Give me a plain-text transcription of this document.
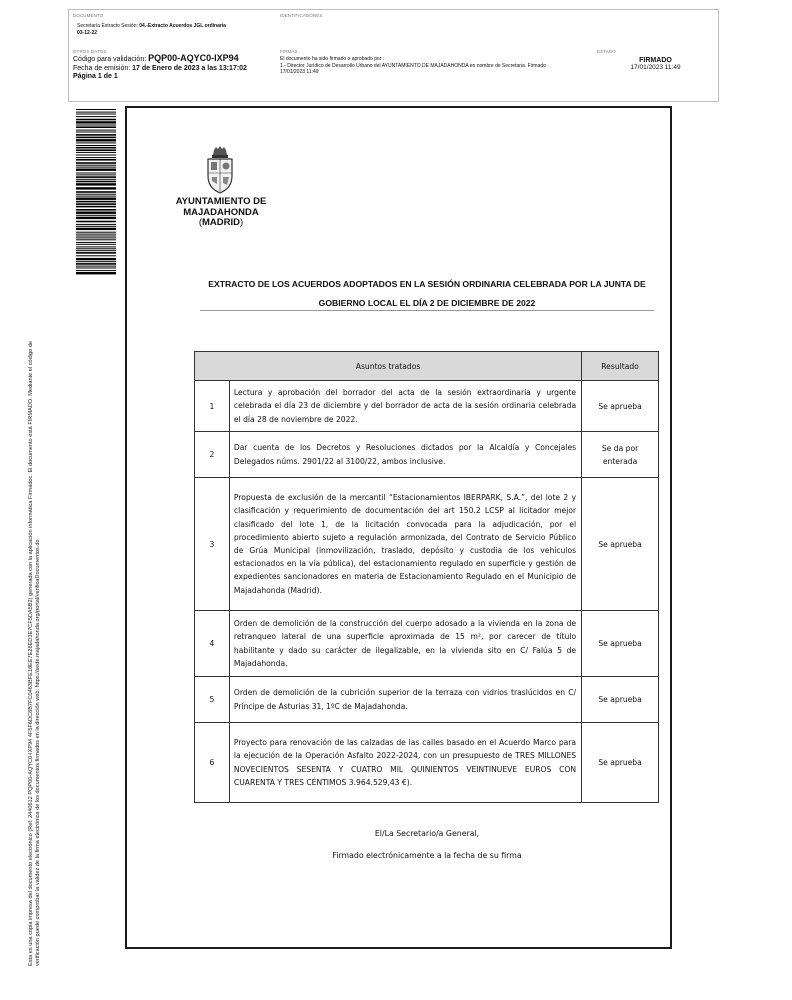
DOCUMENTO
Secretaría Extracto Sesión: 04.-Extracto Acuerdos JGL ordinaria
03-12-22
IDENTIFICADORES
OTROS DATOS
Código para validación: PQP00-AQYC0-IXP94
Fecha de emisión: 17 de Enero de 2023 a las 13:17:02
Página 1 de 1
FIRMAS
El documento ha sido firmado o aprobado por :
1.- Director Jurídico de Desarrollo Urbano del AYUNTAMIENTO DE MAJADAHONDA en nombre de Secretaria. Firmado
17/01/2023 11:49
ESTADO
FIRMADO
17/01/2023 11:49
Esta es una copia impresa del documento electrónico (Ref: 2440612 PQP00-AQYC0-IXP94 4F5F6DC8B7FC0463BFE18EE7E28ED3E7CF5DA5B2) generada con la aplicación informática Firmadoc. El documento está FIRMADO. Mediante el código de verificación puede comprobar la validez de la firma electrónica de los documentos firmados en la dirección web: https://sede.majadahonda.org/portal/verificaDocumentos.do
AYUNTAMIENTO DE
MAJADAHONDA
(MADRID)
EXTRACTO DE LOS ACUERDOS ADOPTADOS EN LA SESIÓN ORDINARIA CELEBRADA POR LA JUNTA DE
GOBIERNO LOCAL EL DÍA 2 DE DICIEMBRE DE 2022
Asuntos tratados		Resultado
1	Lectura y aprobación del borrador del acta de la sesión extraordinaria y urgente celebrada el día 23 de diciembre y del borrador de acta de la sesión ordinaria celebrada el día 28 de noviembre de 2022.	Se aprueba
2	Dar cuenta de los Decretos y Resoluciones dictados por la Alcaldía y Concejales Delegados núms. 2901/22 al 3100/22, ambos inclusive.	Se da por enterada
3	Propuesta de exclusión de la mercantil “Estacionamientos IBERPARK, S.A.”, del lote 2 y clasificación y requerimiento de documentación del art 150.2 LCSP al licitador mejor clasificado del lote 1, de la licitación convocada para la adjudicación, por el procedimiento abierto sujeto a regulación armonizada, del Contrato de Servicio Público de Grúa Municipal (inmovilización, traslado, depósito y custodia de los vehículos estacionados en la vía pública), del estacionamiento regulado en superficie y gestión de expedientes sancionadores en materia de Estacionamiento Regulado en el Municipio de Majadahonda (Madrid).	Se aprueba
4	Orden de demolición de la construcción del cuerpo adosado a la vivienda en la zona de retranqueo lateral de una superficie aproximada de 15 m², por carecer de título habilitante y dado su carácter de ilegalizable, en la vivienda sito en C/ Falúa 5 de Majadahonda.	Se aprueba
5	Orden de demolición de la cubrición superior de la terraza con vidrios traslúcidos en C/ Príncipe de Asturias 31, 1ºC de Majadahonda.	Se aprueba
6	Proyecto para renovación de las calzadas de las calles basado en el Acuerdo Marco para la ejecución de la Operación Asfalto 2022-2024, con un presupuesto de TRES MILLONES NOVECIENTOS SESENTA Y CUATRO MIL QUINIENTOS VEINTINUEVE EUROS CON CUARENTA Y TRES CÉNTIMOS 3.964.529,43 €).	Se aprueba
El/La Secretario/a General,
Firmado electrónicamente a la fecha de su firma
